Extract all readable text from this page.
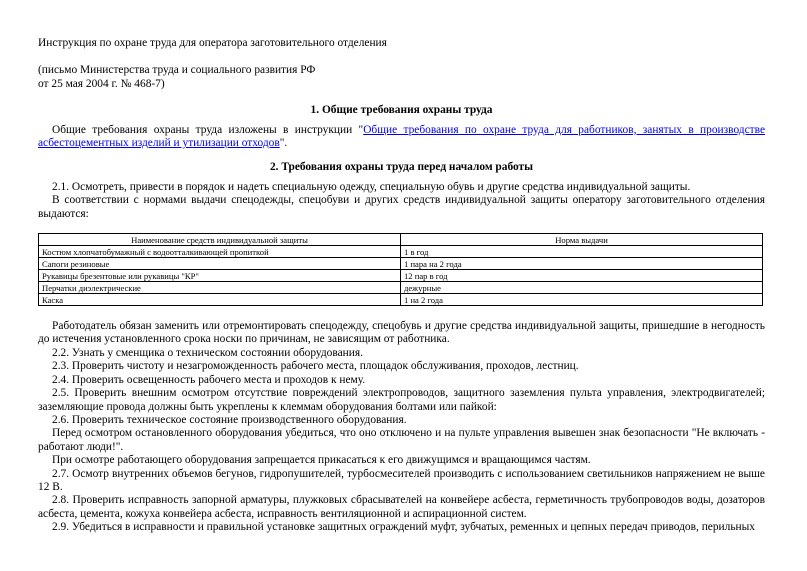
Инструкция по охране труда для оператора заготовительного отделения

(письмо Министерства труда и социального развития РФ

от 25 мая 2004 г. № 468-7)

1. Общие требования охраны труда

Общие требования охраны труда изложены в инструкции "Общие требования по охране труда для работников, занятых в производстве асбестоцементных изделий и утилизации отходов".

2. Требования охраны труда перед началом работы

2.1. Осмотреть, привести в порядок и надеть специальную одежду, специальную обувь и другие средства индивидуальной защиты.

В соответствии с нормами выдачи спецодежды, спецобуви и других средств индивидуальной защиты оператору заготовительного отделения выдаются:

Наименование средств индивидуальной защиты	Норма выдачи
Костюм хлопчатобумажный с водоотталкивающей пропиткой	1 в год
Сапоги резиновые	1 пара на 2 года
Рукавицы брезентовые или рукавицы "КР"	12 пар в год
Перчатки диэлектрические	дежурные
Каска	1 на 2 года

Работодатель обязан заменить или отремонтировать спецодежду, спецобувь и другие средства индивидуальной защиты, пришедшие в негодность до истечения установленного срока носки по причинам, не зависящим от работника.

2.2. Узнать у сменщика о техническом состоянии оборудования.

2.3. Проверить чистоту и незагроможденность рабочего места, площадок обслуживания, проходов, лестниц.

2.4. Проверить освещенность рабочего места и проходов к нему.

2.5. Проверить внешним осмотром отсутствие повреждений электропроводов, защитного заземления пульта управления, электродвигателей; заземляющие провода должны быть укреплены к клеммам оборудования болтами или пайкой:

2.6. Проверить техническое состояние производственного оборудования.

Перед осмотром остановленного оборудования убедиться, что оно отключено и на пульте управления вывешен знак безопасности "Не включать - работают люди!".

При осмотре работающего оборудования запрещается прикасаться к его движущимся и вращающимся частям.

2.7. Осмотр внутренних объемов бегунов, гидропушителей, турбосмесителей производить с использованием светильников напряжением не выше 12 В.

2.8. Проверить исправность запорной арматуры, плужковых сбрасывателей на конвейере асбеста, герметичность трубопроводов воды, дозаторов асбеста, цемента, кожуха конвейера асбеста, исправность вентиляционной и аспирационной систем.

2.9. Убедиться в исправности и правильной установке защитных ограждений муфт, зубчатых, ременных и цепных передач приводов, перильных
